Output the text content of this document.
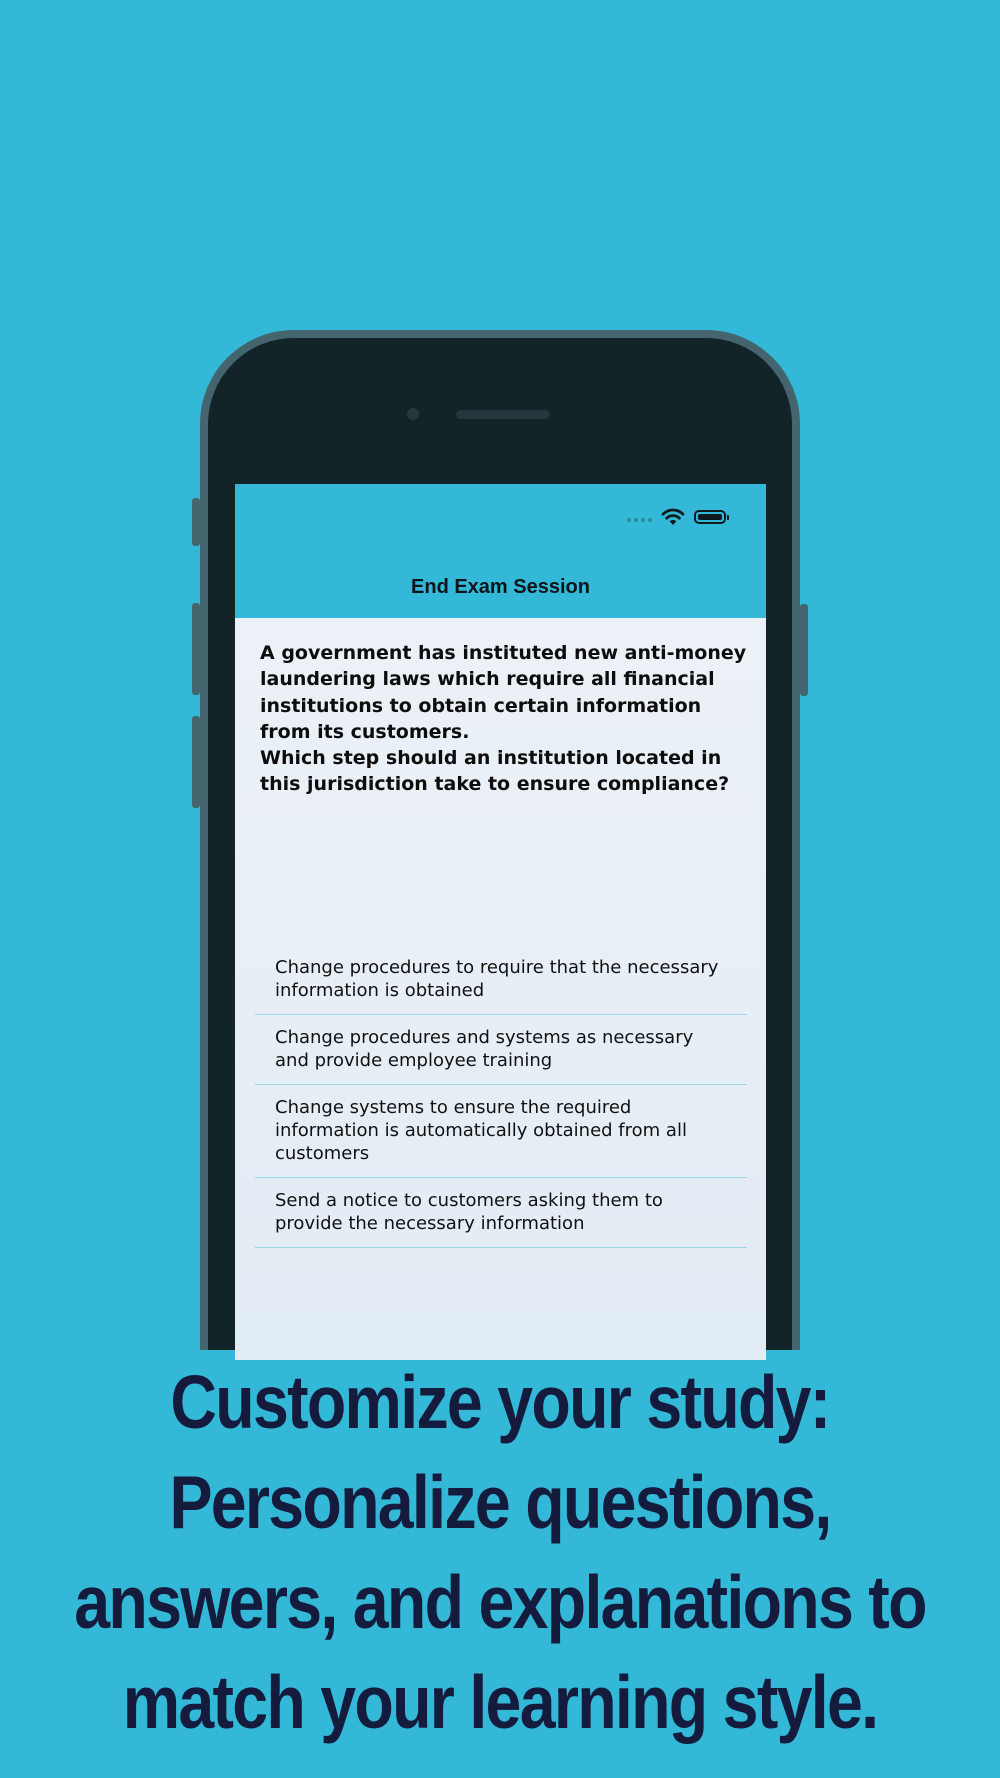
End Exam Session

A government has instituted new anti-money laundering laws which require all financial institutions to obtain certain information from its customers.

Which step should an institution located in this jurisdiction take to ensure compliance?

Change procedures to require that the necessary information is obtained
Change procedures and systems as necessary and provide employee training
Change systems to ensure the required information is automatically obtained from all customers
Send a notice to customers asking them to provide the necessary information
Customize your study:
Personalize questions,
answers, and explanations to
match your learning style.
